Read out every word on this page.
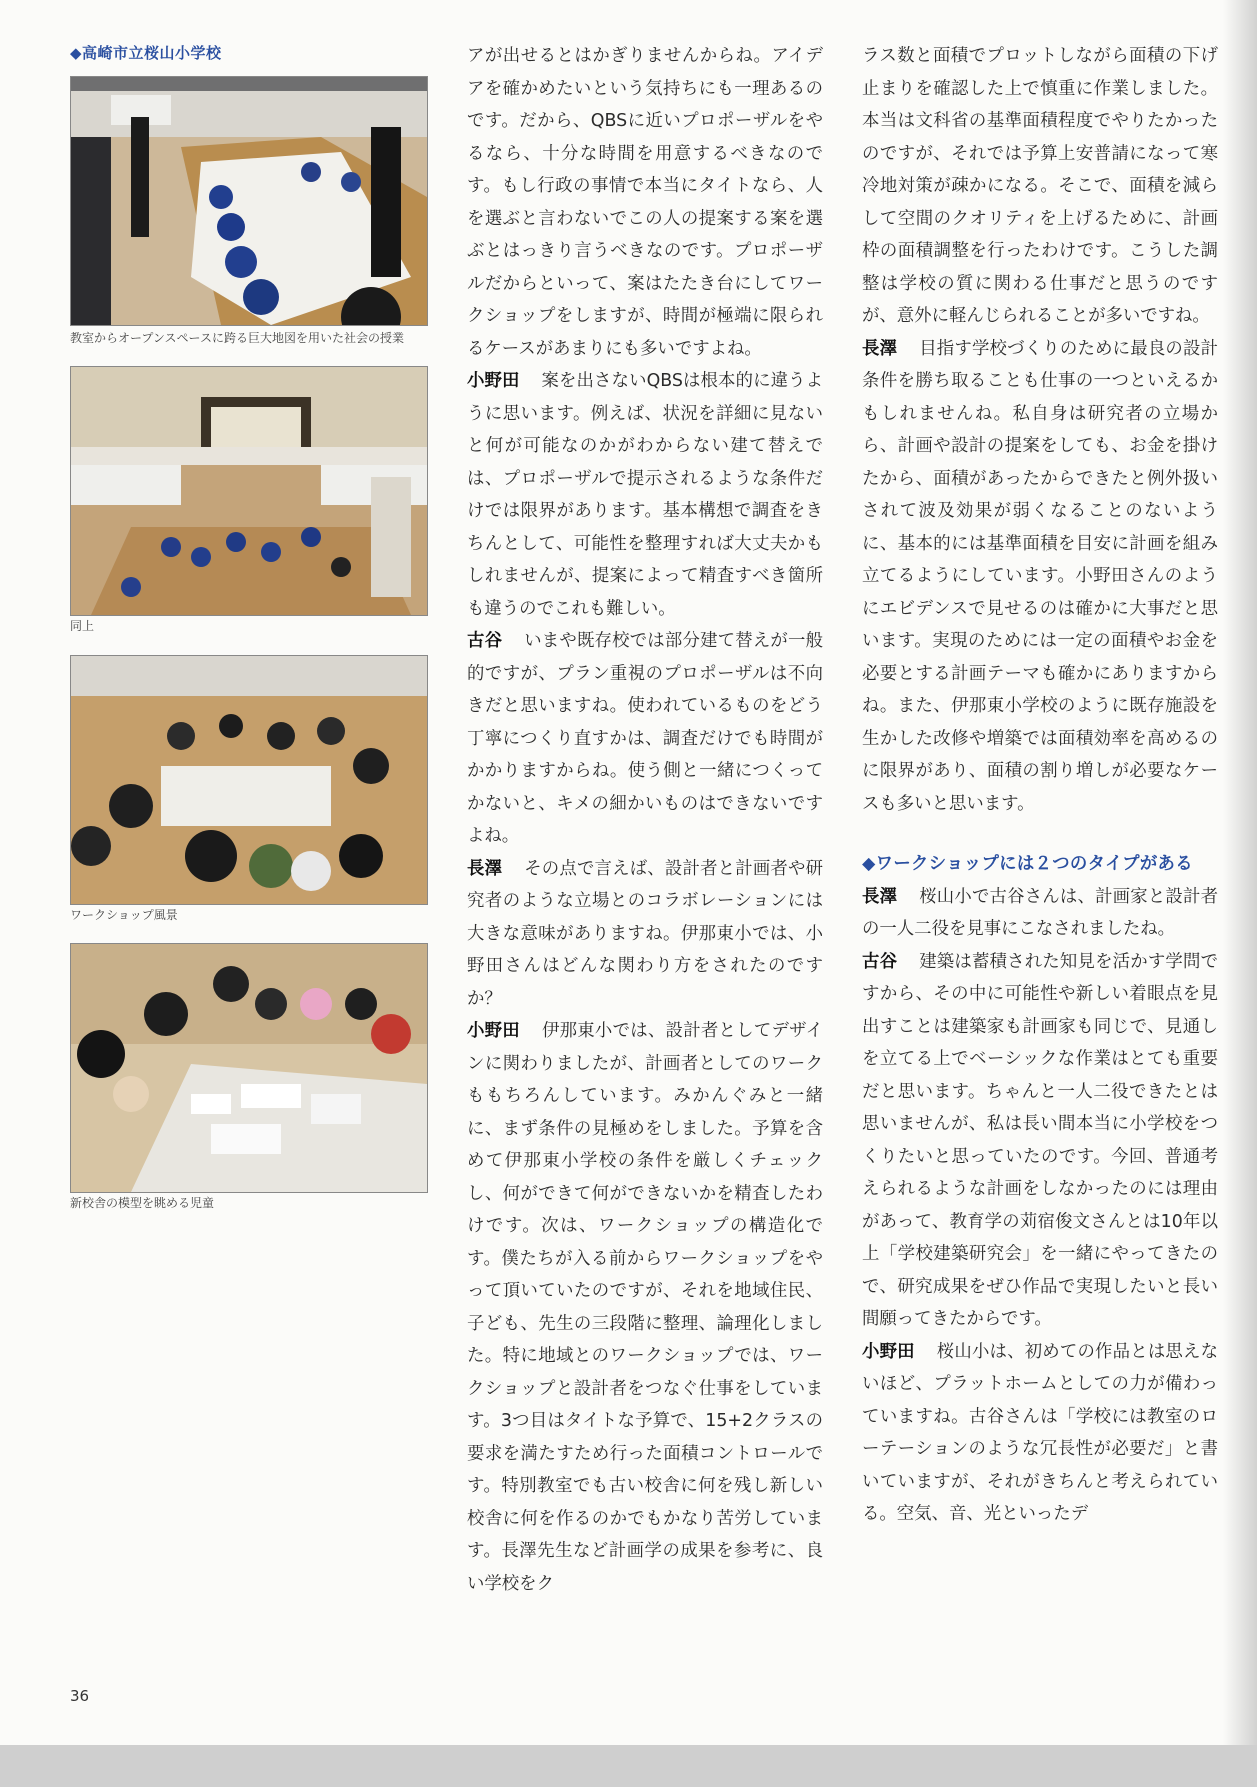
◆高崎市立桜山小学校
教室からオープンスペースに跨る巨大地図を用いた社会の授業
同上
ワークショップ風景
新校舎の模型を眺める児童

アが出せるとはかぎりませんからね。アイデアを確かめたいという気持ちにも一理あるのです。だから、QBSに近いプロポーザルをやるなら、十分な時間を用意するべきなのです。もし行政の事情で本当にタイトなら、人を選ぶと言わないでこの人の提案する案を選ぶとはっきり言うべきなのです。プロポーザルだからといって、案はたたき台にしてワークショップをしますが、時間が極端に限られるケースがあまりにも多いですよね。

小野田 案を出さないQBSは根本的に違うように思います。例えば、状況を詳細に見ないと何が可能なのかがわからない建て替えでは、プロポーザルで提示されるような条件だけでは限界があります。基本構想で調査をきちんとして、可能性を整理すれば大丈夫かもしれませんが、提案によって精査すべき箇所も違うのでこれも難しい。

古谷 いまや既存校では部分建て替えが一般的ですが、プラン重視のプロポーザルは不向きだと思いますね。使われているものをどう丁寧につくり直すかは、調査だけでも時間がかかりますからね。使う側と一緒につくってかないと、キメの細かいものはできないですよね。

長澤 その点で言えば、設計者と計画者や研究者のような立場とのコラボレーションには大きな意味がありますね。伊那東小では、小野田さんはどんな関わり方をされたのですか？

小野田 伊那東小では、設計者としてデザインに関わりましたが、計画者としてのワークももちろんしています。みかんぐみと一緒に、まず条件の見極めをしました。予算を含めて伊那東小学校の条件を厳しくチェックし、何ができて何ができないかを精査したわけです。次は、ワークショップの構造化です。僕たちが入る前からワークショップをやって頂いていたのですが、それを地域住民、子ども、先生の三段階に整理、論理化しました。特に地域とのワークショップでは、ワークショップと設計者をつなぐ仕事をしています。3つ目はタイトな予算で、15+2クラスの要求を満たすため行った面積コントロールです。特別教室でも古い校舎に何を残し新しい校舎に何を作るのかでもかなり苦労しています。長澤先生など計画学の成果を参考に、良い学校をク

ラス数と面積でプロットしながら面積の下げ止まりを確認した上で慎重に作業しました。本当は文科省の基準面積程度でやりたかったのですが、それでは予算上安普請になって寒冷地対策が疎かになる。そこで、面積を減らして空間のクオリティを上げるために、計画枠の面積調整を行ったわけです。こうした調整は学校の質に関わる仕事だと思うのですが、意外に軽んじられることが多いですね。

長澤 目指す学校づくりのために最良の設計条件を勝ち取ることも仕事の一つといえるかもしれませんね。私自身は研究者の立場から、計画や設計の提案をしても、お金を掛けたから、面積があったからできたと例外扱いされて波及効果が弱くなることのないように、基本的には基準面積を目安に計画を組み立てるようにしています。小野田さんのようにエビデンスで見せるのは確かに大事だと思います。実現のためには一定の面積やお金を必要とする計画テーマも確かにありますからね。また、伊那東小学校のように既存施設を生かした改修や増築では面積効率を高めるのに限界があり、面積の割り増しが必要なケースも多いと思います。

◆ワークショップには２つのタイプがある

長澤 桜山小で古谷さんは、計画家と設計者の一人二役を見事にこなされましたね。

古谷 建築は蓄積された知見を活かす学問ですから、その中に可能性や新しい着眼点を見出すことは建築家も計画家も同じで、見通しを立てる上でベーシックな作業はとても重要だと思います。ちゃんと一人二役できたとは思いませんが、私は長い間本当に小学校をつくりたいと思っていたのです。今回、普通考えられるような計画をしなかったのには理由があって、教育学の苅宿俊文さんとは10年以上「学校建築研究会」を一緒にやってきたので、研究成果をぜひ作品で実現したいと長い間願ってきたからです。

小野田 桜山小は、初めての作品とは思えないほど、プラットホームとしての力が備わっていますね。古谷さんは「学校には教室のローテーションのような冗長性が必要だ」と書いていますが、それがきちんと考えられている。空気、音、光といったデ

36
